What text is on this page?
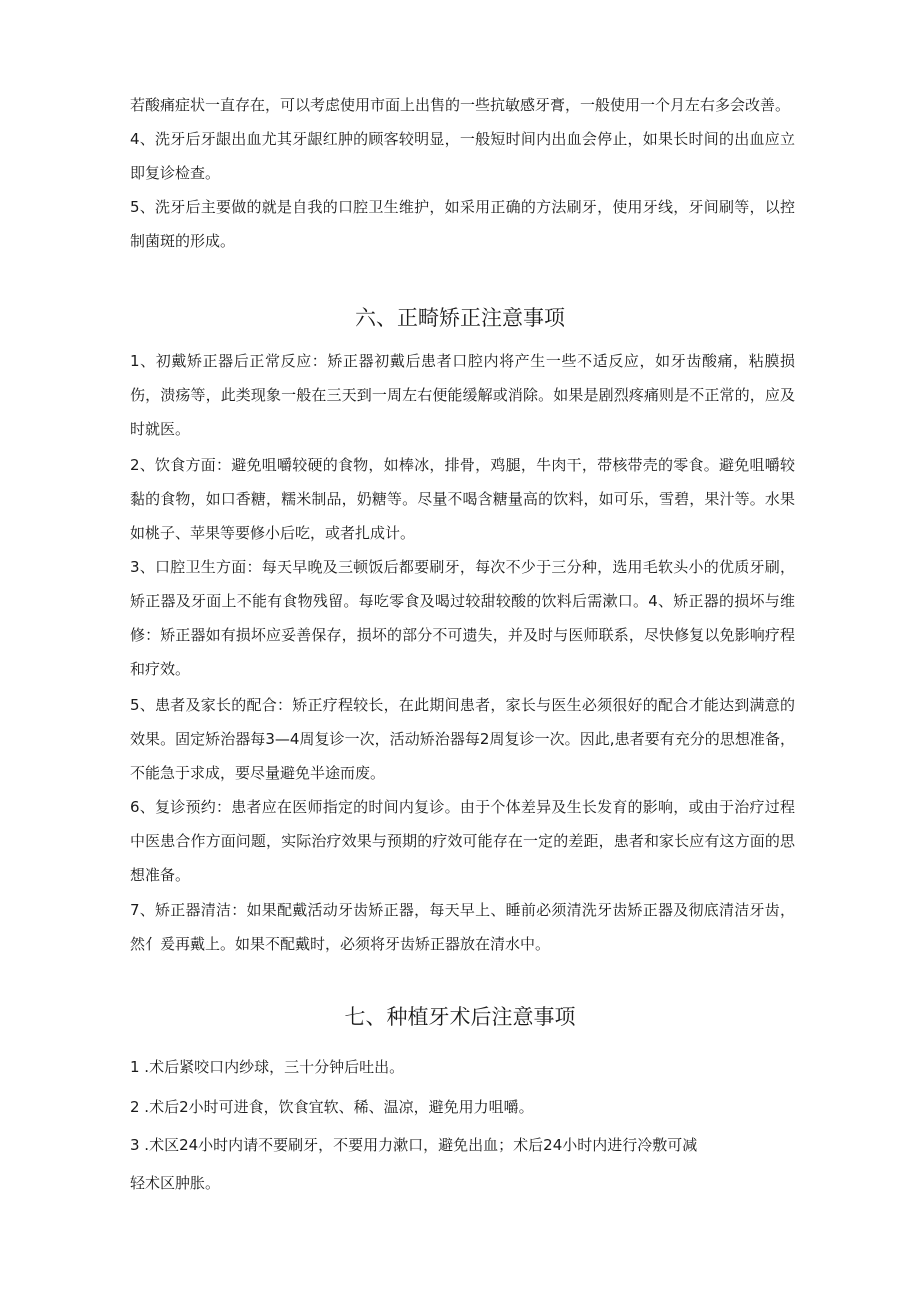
若酸痛症状一直存在，可以考虑使用市面上出售的一些抗敏感牙膏，一般使用一个月左右多会改善。

4、洗牙后牙龈出血尤其牙龈红肿的顾客较明显，一般短时间内出血会停止，如果长时间的出血应立即复诊检查。

5、洗牙后主要做的就是自我的口腔卫生维护，如采用正确的方法刷牙，使用牙线，牙间刷等，以控制菌斑的形成。

六、正畸矫正注意事项

1、初戴矫正器后正常反应：矫正器初戴后患者口腔内将产生一些不适反应，如牙齿酸痛，粘膜损伤，溃疡等，此类现象一般在三天到一周左右便能缓解或消除。如果是剧烈疼痛则是不正常的，应及时就医。

2、饮食方面：避免咀嚼较硬的食物，如棒冰，排骨，鸡腿，牛肉干，带核带壳的零食。避免咀嚼较黏的食物，如口香糖，糯米制品，奶糖等。尽量不喝含糖量高的饮料，如可乐，雪碧，果汁等。水果如桃子、苹果等要修小后吃，或者扎成计。

3、口腔卫生方面：每天早晚及三顿饭后都要刷牙，每次不少于三分种，选用毛软头小的优质牙刷，矫正器及牙面上不能有食物残留。每吃零食及喝过较甜较酸的饮料后需漱口。4、矫正器的损坏与维修：矫正器如有损坏应妥善保存，损坏的部分不可遗失，并及时与医师联系，尽快修复以免影响疗程和疗效。

5、患者及家长的配合：矫正疗程较长，在此期间患者，家长与医生必须很好的配合才能达到满意的效果。固定矫治器每3—4周复诊一次，活动矫治器每2周复诊一次。因此,患者要有充分的思想准备，不能急于求成，要尽量避免半途而废。

6、复诊预约：患者应在医师指定的时间内复诊。由于个体差异及生长发育的影响，或由于治疗过程中医患合作方面问题，实际治疗效果与预期的疗效可能存在一定的差距，患者和家长应有这方面的思想准备。

7、矫正器清洁：如果配戴活动牙齿矫正器，每天早上、睡前必须清洗牙齿矫正器及彻底清洁牙齿，然亻爰再戴上。如果不配戴时，必须将牙齿矫正器放在清水中。

七、种植牙术后注意事项

1 .术后紧咬口内纱球，三十分钟后吐出。

2 .术后2小时可进食，饮食宜软、稀、温凉，避免用力咀嚼。

3 .术区24小时内请不要刷牙，不要用力漱口，避免出血；术后24小时内进行冷敷可减

轻术区肿胀。
